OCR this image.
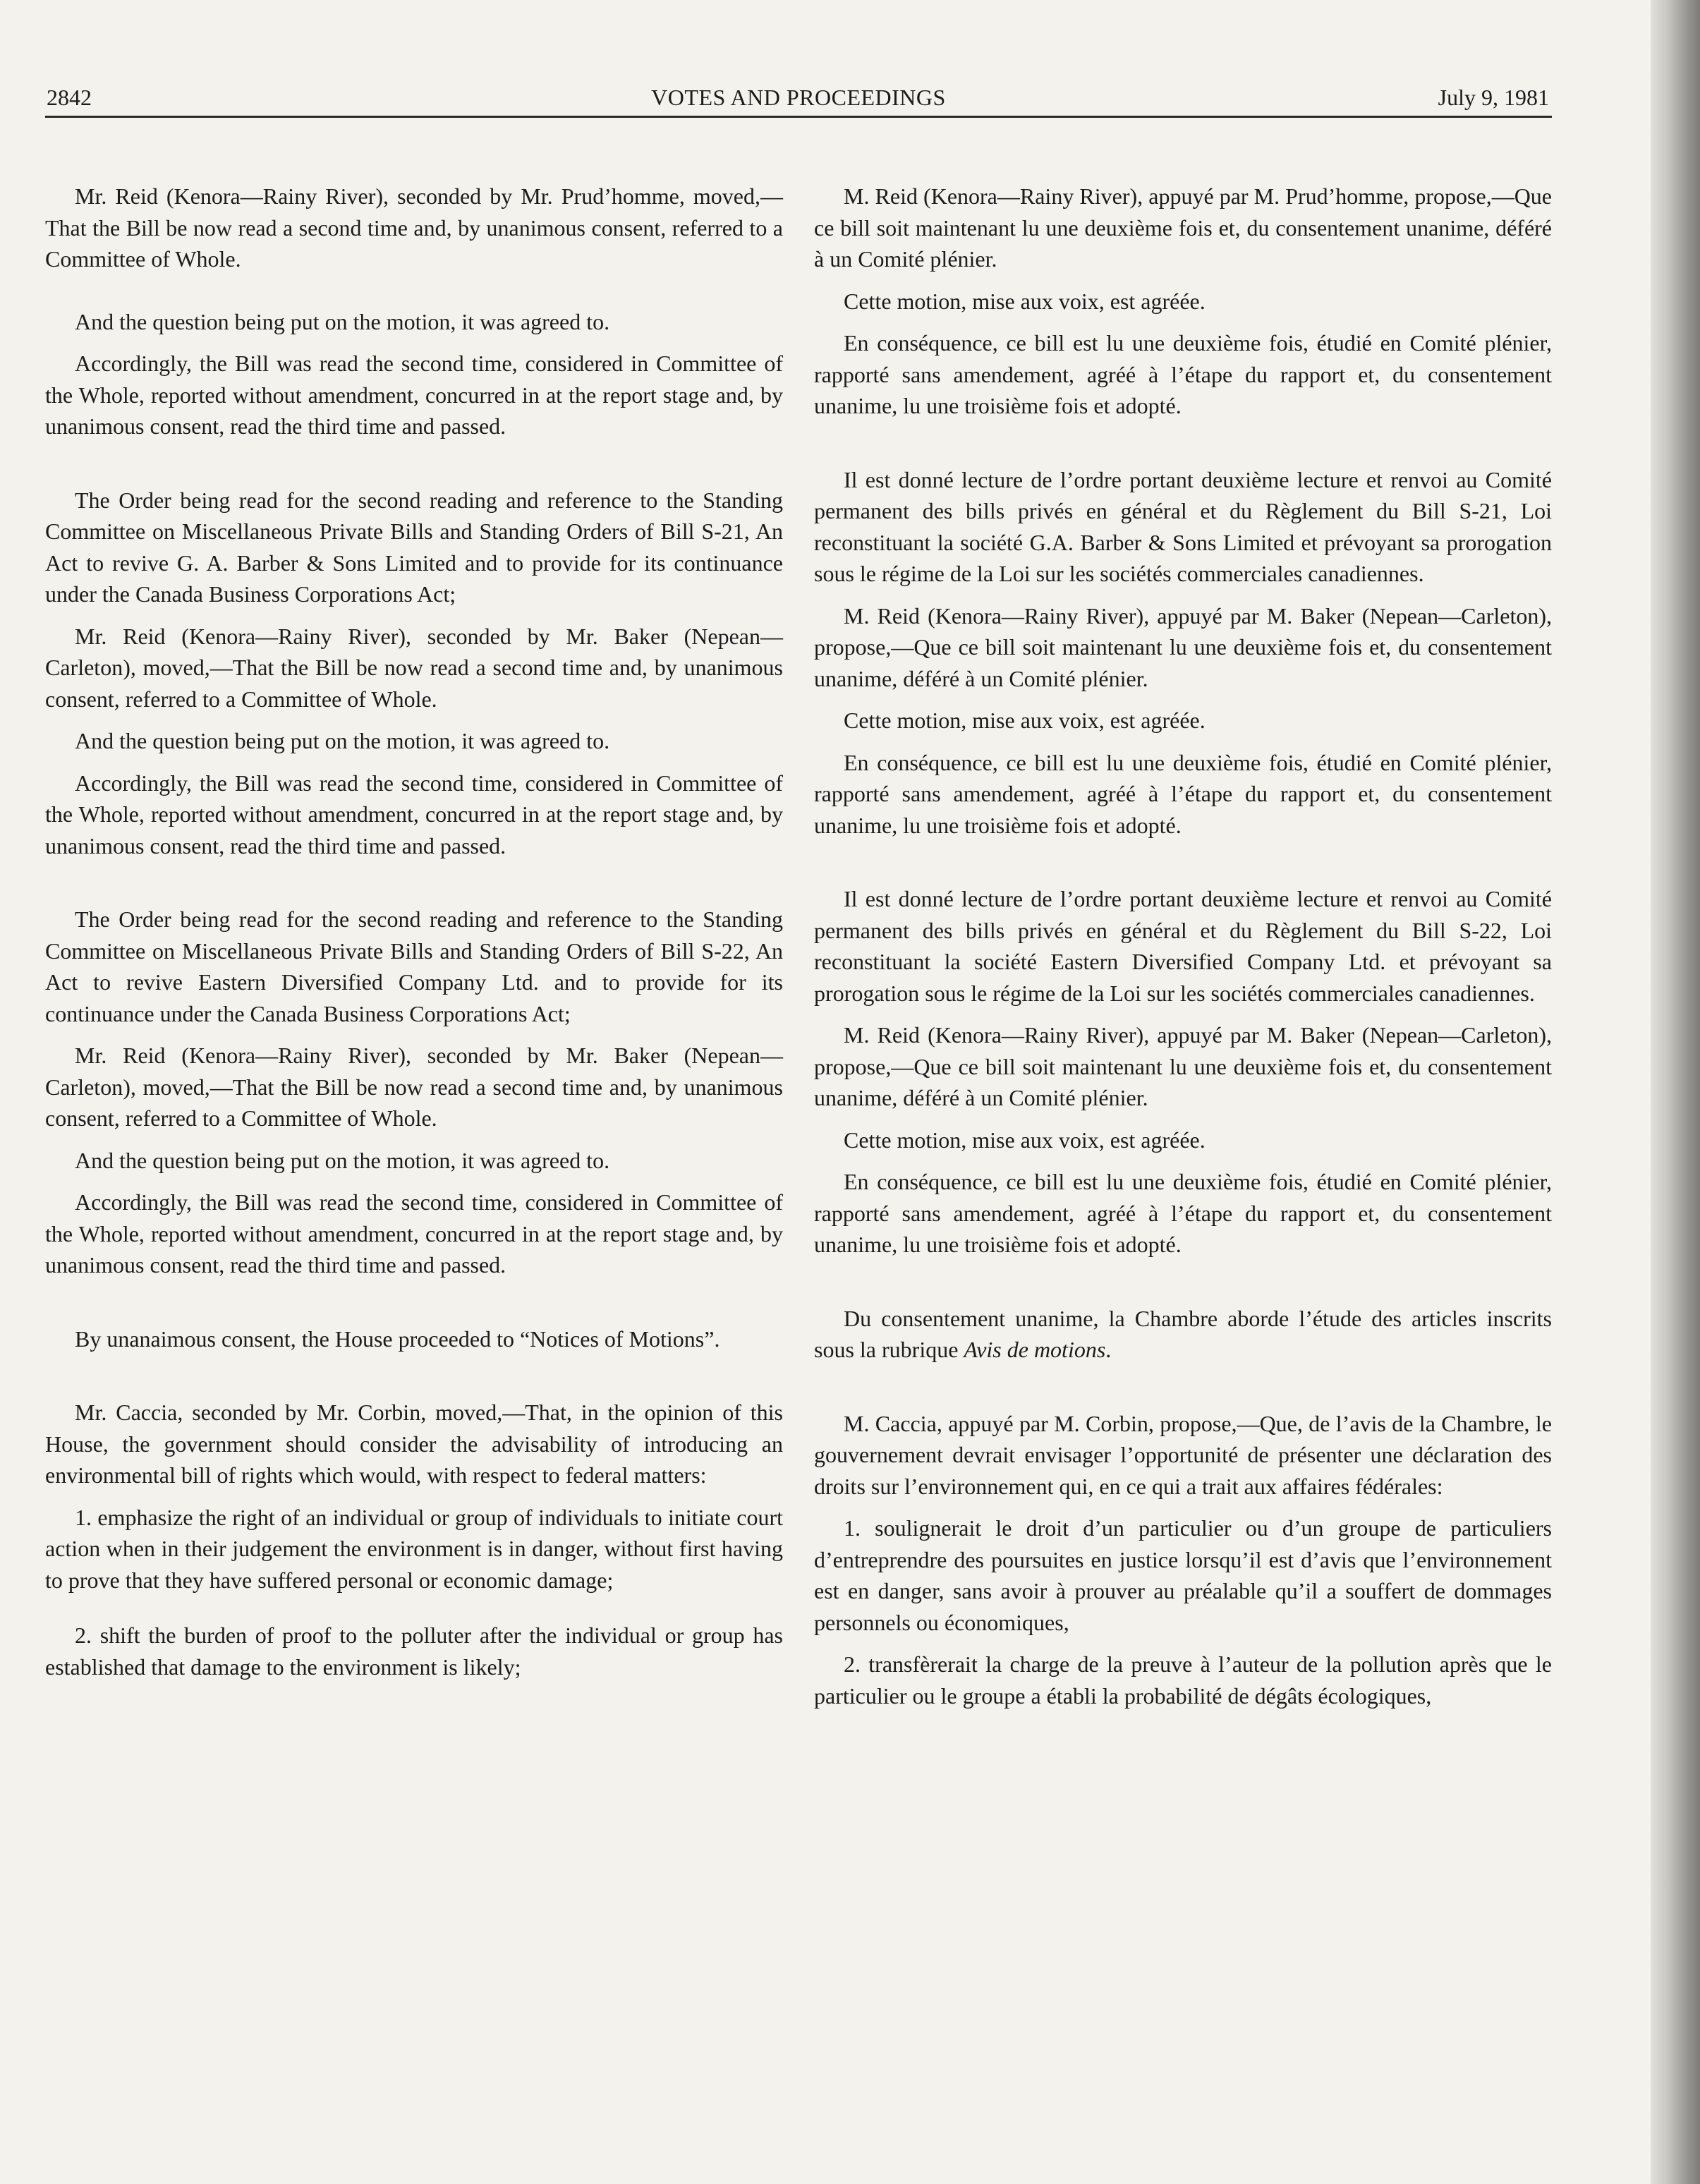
2842	VOTES AND PROCEEDINGS	July 9, 1981

Mr. Reid (Kenora—Rainy River), seconded by Mr. Prud’homme, moved,—That the Bill be now read a second time and, by unanimous consent, referred to a Committee of Whole.

And the question being put on the motion, it was agreed to.

Accordingly, the Bill was read the second time, considered in Committee of the Whole, reported without amendment, concurred in at the report stage and, by unanimous consent, read the third time and passed.

The Order being read for the second reading and reference to the Standing Committee on Miscellaneous Private Bills and Standing Orders of Bill S-21, An Act to revive G. A. Barber & Sons Limited and to provide for its continuance under the Canada Business Corporations Act;

Mr. Reid (Kenora—Rainy River), seconded by Mr. Baker (Nepean—Carleton), moved,—That the Bill be now read a second time and, by unanimous consent, referred to a Committee of Whole.

And the question being put on the motion, it was agreed to.

Accordingly, the Bill was read the second time, considered in Committee of the Whole, reported without amendment, concurred in at the report stage and, by unanimous consent, read the third time and passed.

The Order being read for the second reading and reference to the Standing Committee on Miscellaneous Private Bills and Standing Orders of Bill S-22, An Act to revive Eastern Diversified Company Ltd. and to provide for its continuance under the Canada Business Corporations Act;

Mr. Reid (Kenora—Rainy River), seconded by Mr. Baker (Nepean—Carleton), moved,—That the Bill be now read a second time and, by unanimous consent, referred to a Committee of Whole.

And the question being put on the motion, it was agreed to.

Accordingly, the Bill was read the second time, considered in Committee of the Whole, reported without amendment, concurred in at the report stage and, by unanimous consent, read the third time and passed.

By unanaimous consent, the House proceeded to “Notices of Motions”.

Mr. Caccia, seconded by Mr. Corbin, moved,—That, in the opinion of this House, the government should consider the advisability of introducing an environmental bill of rights which would, with respect to federal matters:

1. emphasize the right of an individual or group of individuals to initiate court action when in their judgement the environment is in danger, without first having to prove that they have suffered personal or economic damage;

2. shift the burden of proof to the polluter after the individual or group has established that damage to the environment is likely;

M. Reid (Kenora—Rainy River), appuyé par M. Prud’homme, propose,—Que ce bill soit maintenant lu une deuxième fois et, du consentement unanime, déféré à un Comité plénier.

Cette motion, mise aux voix, est agréée.

En conséquence, ce bill est lu une deuxième fois, étudié en Comité plénier, rapporté sans amendement, agréé à l’étape du rapport et, du consentement unanime, lu une troisième fois et adopté.

Il est donné lecture de l’ordre portant deuxième lecture et renvoi au Comité permanent des bills privés en général et du Règlement du Bill S-21, Loi reconstituant la société G.A. Barber & Sons Limited et prévoyant sa prorogation sous le régime de la Loi sur les sociétés commerciales canadiennes.

M. Reid (Kenora—Rainy River), appuyé par M. Baker (Nepean—Carleton), propose,—Que ce bill soit maintenant lu une deuxième fois et, du consentement unanime, déféré à un Comité plénier.

Cette motion, mise aux voix, est agréée.

En conséquence, ce bill est lu une deuxième fois, étudié en Comité plénier, rapporté sans amendement, agréé à l’étape du rapport et, du consentement unanime, lu une troisième fois et adopté.

Il est donné lecture de l’ordre portant deuxième lecture et renvoi au Comité permanent des bills privés en général et du Règlement du Bill S-22, Loi reconstituant la société Eastern Diversified Company Ltd. et prévoyant sa prorogation sous le régime de la Loi sur les sociétés commerciales canadiennes.

M. Reid (Kenora—Rainy River), appuyé par M. Baker (Nepean—Carleton), propose,—Que ce bill soit maintenant lu une deuxième fois et, du consentement unanime, déféré à un Comité plénier.

Cette motion, mise aux voix, est agréée.

En conséquence, ce bill est lu une deuxième fois, étudié en Comité plénier, rapporté sans amendement, agréé à l’étape du rapport et, du consentement unanime, lu une troisième fois et adopté.

Du consentement unanime, la Chambre aborde l’étude des articles inscrits sous la rubrique Avis de motions.

M. Caccia, appuyé par M. Corbin, propose,—Que, de l’avis de la Chambre, le gouvernement devrait envisager l’opportunité de présenter une déclaration des droits sur l’environnement qui, en ce qui a trait aux affaires fédérales:

1. soulignerait le droit d’un particulier ou d’un groupe de particuliers d’entreprendre des poursuites en justice lorsqu’il est d’avis que l’environnement est en danger, sans avoir à prouver au préalable qu’il a souffert de dommages personnels ou économiques,

2. transfèrerait la charge de la preuve à l’auteur de la pollution après que le particulier ou le groupe a établi la probabilité de dégâts écologiques,
